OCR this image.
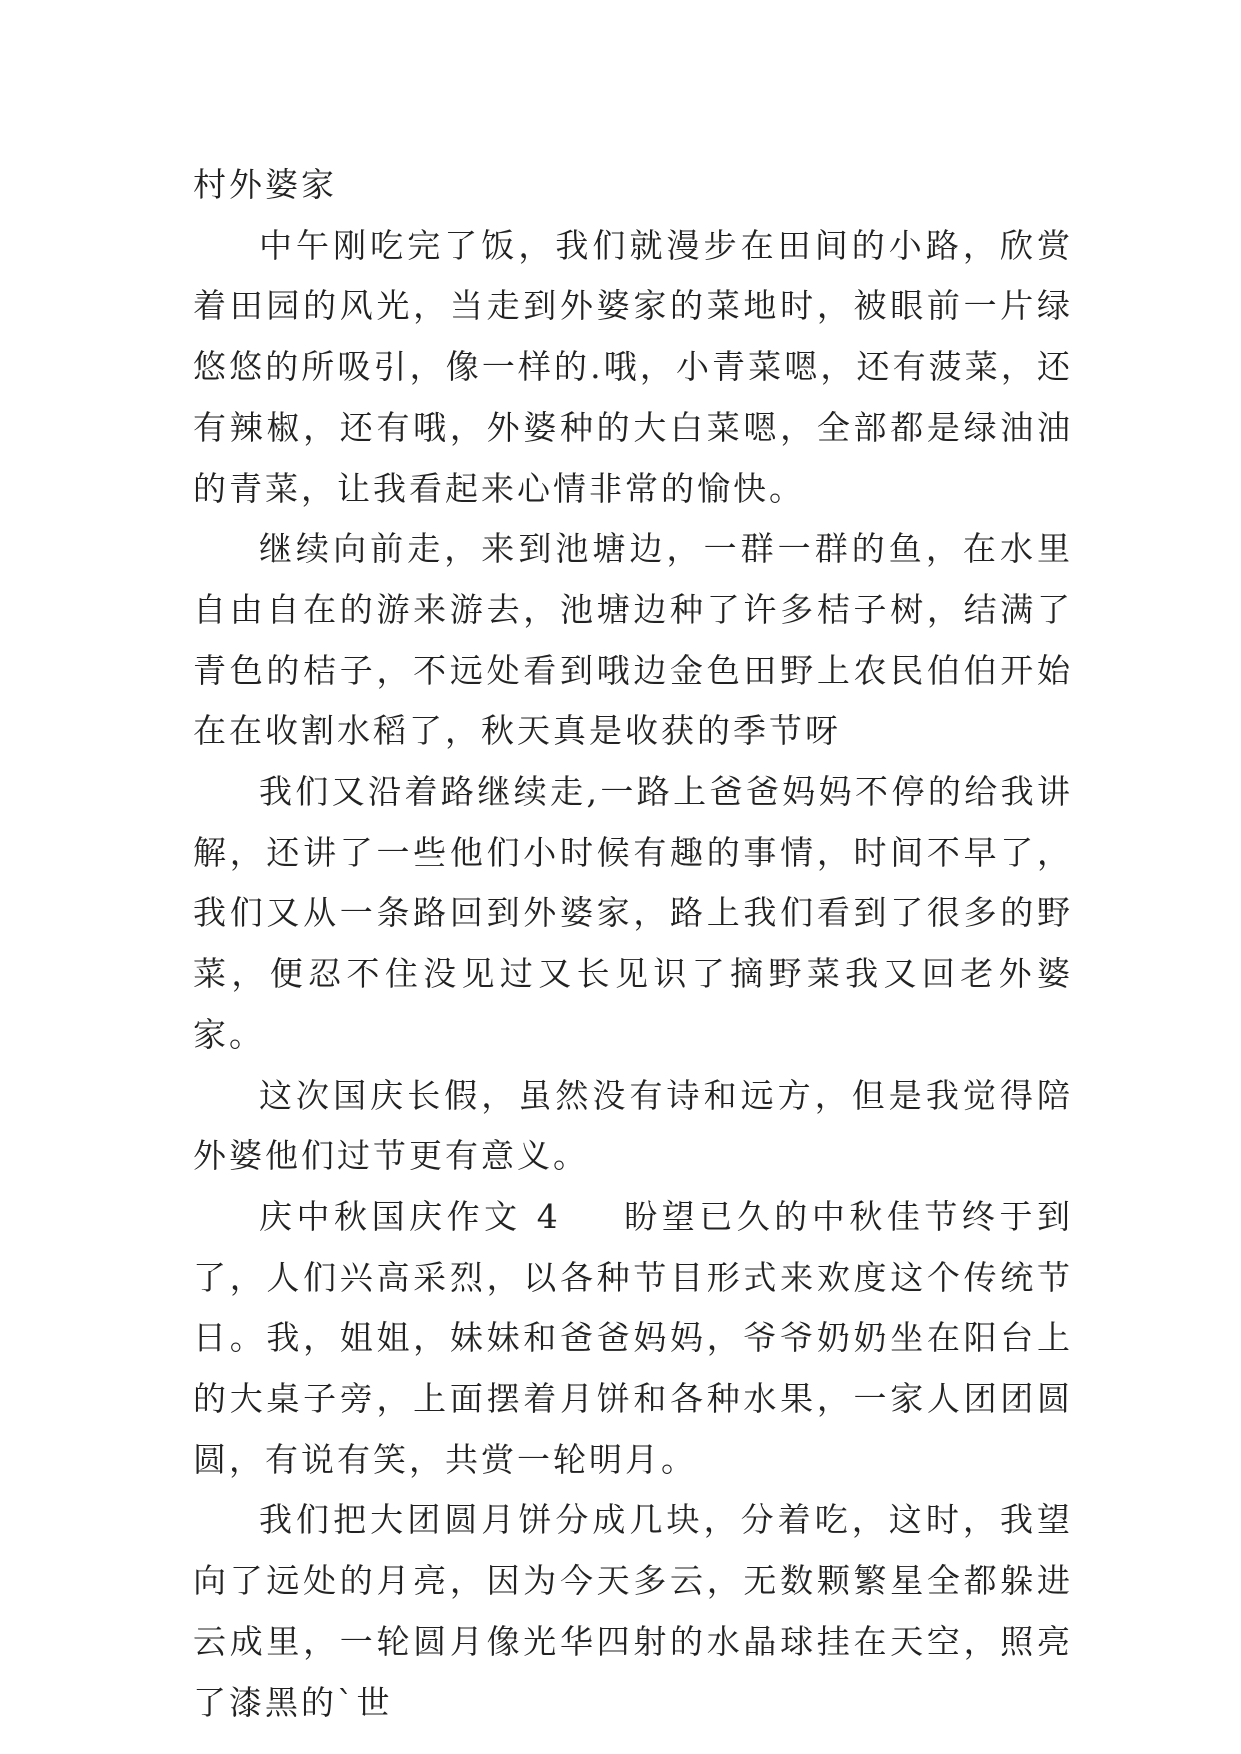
村外婆家

中午刚吃完了饭，我们就漫步在田间的小路，欣赏着田园的风光，当走到外婆家的菜地时，被眼前一片绿悠悠的所吸引，像一样的.哦，小青菜嗯，还有菠菜，还有辣椒，还有哦，外婆种的大白菜嗯，全部都是绿油油的青菜，让我看起来心情非常的愉快。

继续向前走，来到池塘边，一群一群的鱼，在水里自由自在的游来游去，池塘边种了许多桔子树，结满了青色的桔子，不远处看到哦边金色田野上农民伯伯开始在在收割水稻了，秋天真是收获的季节呀

我们又沿着路继续走,一路上爸爸妈妈不停的给我讲解，还讲了一些他们小时候有趣的事情，时间不早了，我们又从一条路回到外婆家，路上我们看到了很多的野菜，便忍不住没见过又长见识了摘野菜我又回老外婆家。

这次国庆长假，虽然没有诗和远方，但是我觉得陪外婆他们过节更有意义。

庆中秋国庆作文 4 盼望已久的中秋佳节终于到了，人们兴高采烈，以各种节目形式来欢度这个传统节日。我，姐姐，妹妹和爸爸妈妈，爷爷奶奶坐在阳台上的大桌子旁，上面摆着月饼和各种水果，一家人团团圆圆，有说有笑，共赏一轮明月。

我们把大团圆月饼分成几块，分着吃，这时，我望向了远处的月亮，因为今天多云，无数颗繁星全都躲进云成里，一轮圆月像光华四射的水晶球挂在天空，照亮了漆黑的`世
